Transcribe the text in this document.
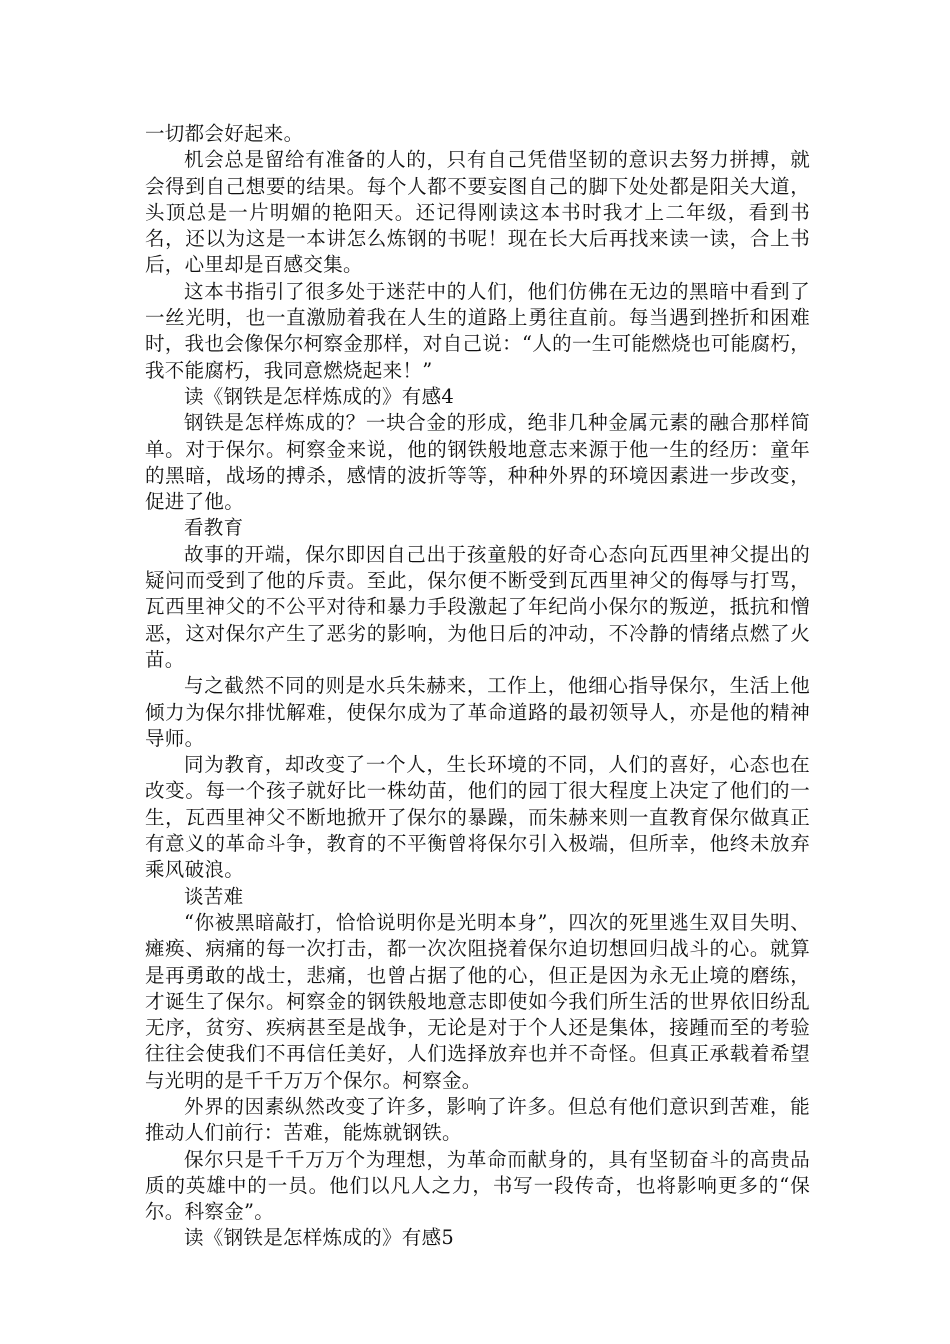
一切都会好起来。

机会总是留给有准备的人的，只有自己凭借坚韧的意识去努力拼搏，就会得到自己想要的结果。每个人都不要妄图自己的脚下处处都是阳关大道，头顶总是一片明媚的艳阳天。还记得刚读这本书时我才上二年级，看到书名，还以为这是一本讲怎么炼钢的书呢！现在长大后再找来读一读，合上书后，心里却是百感交集。

这本书指引了很多处于迷茫中的人们，他们仿佛在无边的黑暗中看到了一丝光明，也一直激励着我在人生的道路上勇往直前。每当遇到挫折和困难时，我也会像保尔柯察金那样，对自己说：“人的一生可能燃烧也可能腐朽，我不能腐朽，我同意燃烧起来！”

读《钢铁是怎样炼成的》有感4

钢铁是怎样炼成的？一块合金的形成，绝非几种金属元素的融合那样简单。对于保尔。柯察金来说，他的钢铁般地意志来源于他一生的经历：童年的黑暗，战场的搏杀，感情的波折等等，种种外界的环境因素进一步改变，促进了他。

看教育

故事的开端，保尔即因自己出于孩童般的好奇心态向瓦西里神父提出的疑问而受到了他的斥责。至此，保尔便不断受到瓦西里神父的侮辱与打骂，瓦西里神父的不公平对待和暴力手段激起了年纪尚小保尔的叛逆，抵抗和憎恶，这对保尔产生了恶劣的影响，为他日后的冲动，不冷静的情绪点燃了火苗。

与之截然不同的则是水兵朱赫来，工作上，他细心指导保尔，生活上他倾力为保尔排忧解难，使保尔成为了革命道路的最初领导人，亦是他的精神导师。

同为教育，却改变了一个人，生长环境的不同，人们的喜好，心态也在改变。每一个孩子就好比一株幼苗，他们的园丁很大程度上决定了他们的一生，瓦西里神父不断地掀开了保尔的暴躁，而朱赫来则一直教育保尔做真正有意义的革命斗争，教育的不平衡曾将保尔引入极端，但所幸，他终未放弃乘风破浪。

谈苦难

“你被黑暗敲打，恰恰说明你是光明本身”，四次的死里逃生双目失明、瘫痪、病痛的每一次打击，都一次次阻挠着保尔迫切想回归战斗的心。就算是再勇敢的战士，悲痛，也曾占据了他的心，但正是因为永无止境的磨练，才诞生了保尔。柯察金的钢铁般地意志即使如今我们所生活的世界依旧纷乱无序，贫穷、疾病甚至是战争，无论是对于个人还是集体，接踵而至的考验往往会使我们不再信任美好，人们选择放弃也并不奇怪。但真正承载着希望与光明的是千千万万个保尔。柯察金。

外界的因素纵然改变了许多，影响了许多。但总有他们意识到苦难，能推动人们前行：苦难，能炼就钢铁。

保尔只是千千万万个为理想，为革命而献身的，具有坚韧奋斗的高贵品质的英雄中的一员。他们以凡人之力，书写一段传奇，也将影响更多的“保尔。科察金”。

读《钢铁是怎样炼成的》有感5
